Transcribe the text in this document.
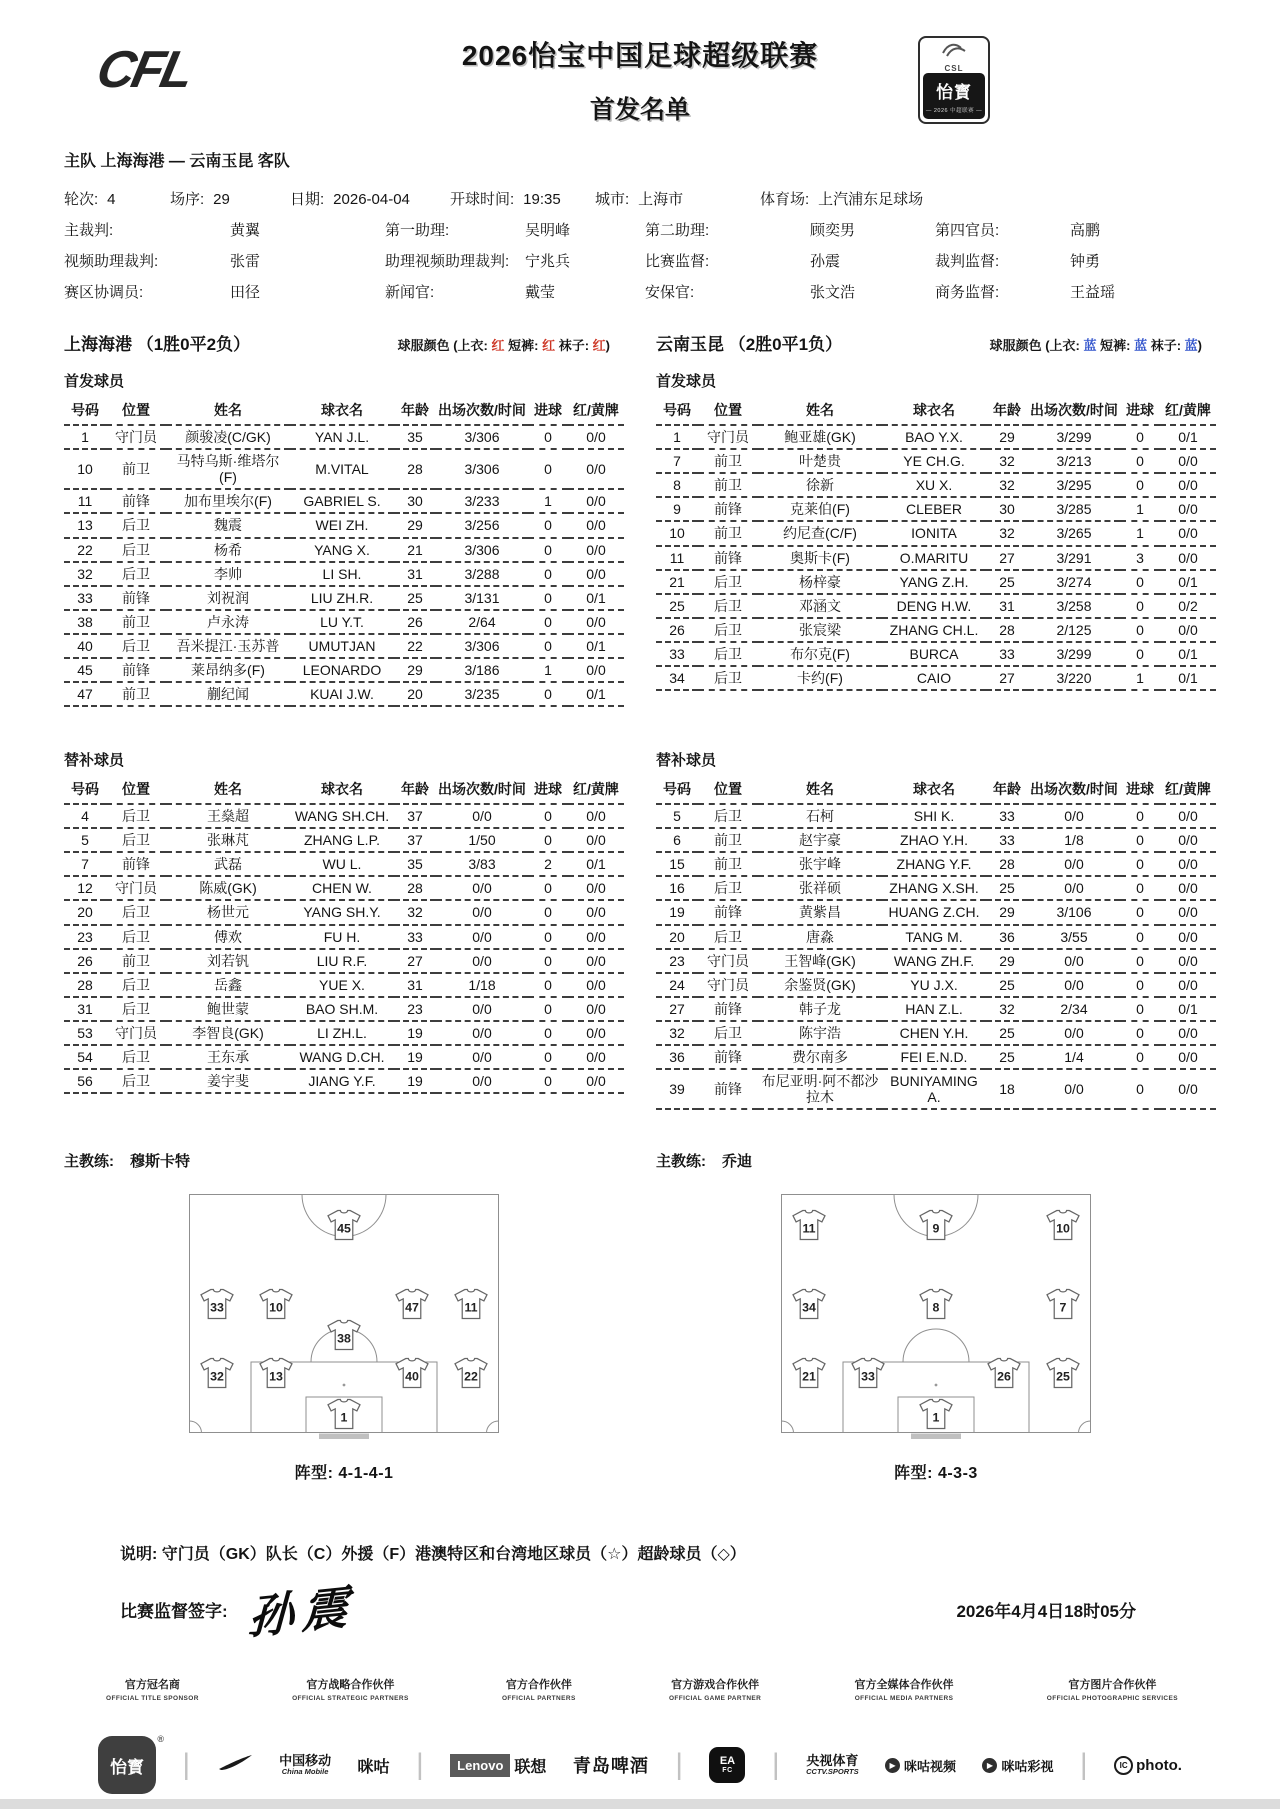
CFL	2026怡宝中国足球超级联赛
首发名单
CSL
怡寳
— 2026 中超联赛 —
主队 上海海港 — 云南玉昆 客队
轮次: 4	场序: 29	日期: 2026-04-04	开球时间: 19:35	城市: 上海市	体育场: 上汽浦东足球场
主裁判:	黄翼	第一助理:	吴明峰	第二助理:	顾奕男	第四官员:	高鹏
视频助理裁判:	张雷	助理视频助理裁判:	宁兆兵	比赛监督:	孙震	裁判监督:	钟勇
赛区协调员:	田径	新闻官:	戴莹	安保官:	张文浩	商务监督:	王益瑶
上海海港 （1胜0平2负）	球服颜色 (上衣: 红 短裤: 红 袜子: 红)
首发球员
号码	位置	姓名	球衣名	年龄	出场次数/时间	进球	红/黄牌
1	守门员	颜骏凌(C/GK)	YAN J.L.	35	3/306	0	0/0
10	前卫	马特乌斯·维塔尔(F)	M.VITAL	28	3/306	0	0/0
11	前锋	加布里埃尔(F)	GABRIEL S.	30	3/233	1	0/0
13	后卫	魏震	WEI ZH.	29	3/256	0	0/0
22	后卫	杨希	YANG X.	21	3/306	0	0/0
32	后卫	李帅	LI SH.	31	3/288	0	0/0
33	前锋	刘祝润	LIU ZH.R.	25	3/131	0	0/1
38	前卫	卢永涛	LU Y.T.	26	2/64	0	0/0
40	后卫	吾米提江·玉苏普	UMUTJAN	22	3/306	0	0/1
45	前锋	莱昂纳多(F)	LEONARDO	29	3/186	1	0/0
47	前卫	蒯纪闻	KUAI J.W.	20	3/235	0	0/1
替补球员
号码	位置	姓名	球衣名	年龄	出场次数/时间	进球	红/黄牌
4	后卫	王燊超	WANG SH.CH.	37	0/0	0	0/0
5	后卫	张琳芃	ZHANG L.P.	37	1/50	0	0/0
7	前锋	武磊	WU L.	35	3/83	2	0/1
12	守门员	陈威(GK)	CHEN W.	28	0/0	0	0/0
20	后卫	杨世元	YANG SH.Y.	32	0/0	0	0/0
23	后卫	傅欢	FU H.	33	0/0	0	0/0
26	前卫	刘若钒	LIU R.F.	27	0/0	0	0/0
28	后卫	岳鑫	YUE X.	31	1/18	0	0/0
31	后卫	鲍世蒙	BAO SH.M.	23	0/0	0	0/0
53	守门员	李智良(GK)	LI ZH.L.	19	0/0	0	0/0
54	后卫	王东承	WANG D.CH.	19	0/0	0	0/0
56	后卫	姜宇斐	JIANG Y.F.	19	0/0	0	0/0
主教练: 穆斯卡特
45
33	10	47	11
38
32	13	40	22
1
阵型: 4-1-4-1
云南玉昆 （2胜0平1负）	球服颜色 (上衣: 蓝 短裤: 蓝 袜子: 蓝)
首发球员
号码	位置	姓名	球衣名	年龄	出场次数/时间	进球	红/黄牌
1	守门员	鲍亚雄(GK)	BAO Y.X.	29	3/299	0	0/1
7	前卫	叶楚贵	YE CH.G.	32	3/213	0	0/0
8	前卫	徐新	XU X.	32	3/295	0	0/0
9	前锋	克莱伯(F)	CLEBER	30	3/285	1	0/0
10	前卫	约尼查(C/F)	IONITA	32	3/265	1	0/0
11	前锋	奥斯卡(F)	O.MARITU	27	3/291	3	0/0
21	后卫	杨梓豪	YANG Z.H.	25	3/274	0	0/1
25	后卫	邓涵文	DENG H.W.	31	3/258	0	0/2
26	后卫	张宸梁	ZHANG CH.L.	28	2/125	0	0/0
33	后卫	布尔克(F)	BURCA	33	3/299	0	0/1
34	后卫	卡约(F)	CAIO	27	3/220	1	0/1
替补球员
号码	位置	姓名	球衣名	年龄	出场次数/时间	进球	红/黄牌
5	后卫	石柯	SHI K.	33	0/0	0	0/0
6	前卫	赵宇豪	ZHAO Y.H.	33	1/8	0	0/0
15	前卫	张宇峰	ZHANG Y.F.	28	0/0	0	0/0
16	后卫	张祥硕	ZHANG X.SH.	25	0/0	0	0/0
19	前锋	黄紫昌	HUANG Z.CH.	29	3/106	0	0/0
20	后卫	唐淼	TANG M.	36	3/55	0	0/0
23	守门员	王智峰(GK)	WANG ZH.F.	29	0/0	0	0/0
24	守门员	余鉴贤(GK)	YU J.X.	25	0/0	0	0/0
27	前锋	韩子龙	HAN Z.L.	32	2/34	0	0/1
32	后卫	陈宇浩	CHEN Y.H.	25	0/0	0	0/0
36	前锋	费尔南多	FEI E.N.D.	25	1/4	0	0/0
39	前锋	布尼亚明·阿不都沙拉木	BUNIYAMING A.	18	0/0	0	0/0
主教练: 乔迪
11	9	10
34	8	7
21	33	26	25
1
阵型: 4-3-3
说明: 守门员（GK）队长（C）外援（F）港澳特区和台湾地区球员（☆）超龄球员（◇）
比赛监督签字: 孙震	2026年4月4日18时05分
官方冠名商
OFFICIAL TITLE SPONSOR
官方战略合作伙伴
OFFICIAL STRATEGIC PARTNERS
官方合作伙伴
OFFICIAL PARTNERS
官方游戏合作伙伴
OFFICIAL GAME PARTNER
官方全媒体合作伙伴
OFFICIAL MEDIA PARTNERS
官方图片合作伙伴
OFFICIAL PHOTOGRAPHIC SERVICES
怡寳
®
|	中国移动
China Mobile 咪咕 |	Lenovo 联想 青岛啤酒 |	EA
FC | 央视体育
CCTV.SPORTS
▶ 咪咕视频	▶ 咪咕彩视 |	IC photo.
